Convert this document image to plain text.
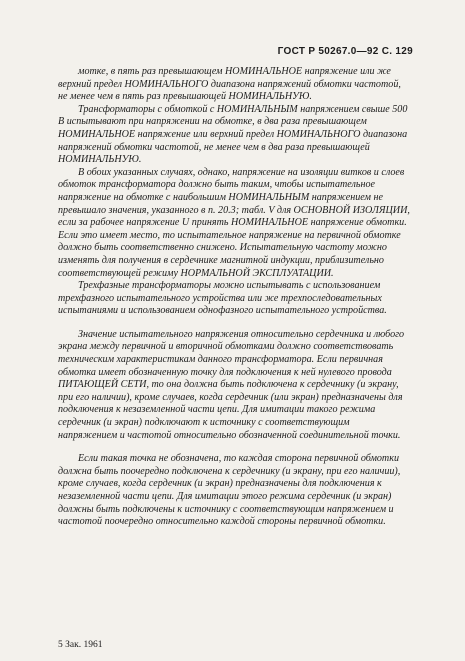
ГОСТ Р 50267.0—92 С. 129

мотке, в пять раз превышающем НОМИНАЛЬНОЕ напряжение или же верхний предел НОМИНАЛЬНОГО диапазона напряжений обмотки частотой, не менее чем в пять раз превышающей НОМИНАЛЬНУЮ.

Трансформаторы с обмоткой с НОМИНАЛЬНЫМ напряжением свыше 500 В испытывают при напряжении на обмотке, в два раза превышающем НОМИНАЛЬНОЕ напряжение или верхний предел НОМИНАЛЬНОГО диапазона напряжений обмотки частотой, не менее чем в два раза превышающей НОМИНАЛЬНУЮ.

В обоих указанных случаях, однако, напряжение на изоляции витков и слоев обмоток трансформатора должно быть таким, чтобы испытательное напряжение на обмотке с наибольшим НОМИНАЛЬНЫМ напряжением не превышало значения, указанного в п. 20.3; табл. V для ОСНОВНОЙ ИЗОЛЯЦИИ, если за рабочее напряжение U принять НОМИНАЛЬНОЕ напряжение обмотки. Если это имеет место, то испытательное напряжение на первичной обмотке должно быть соответственно снижено. Испытательную частоту можно изменять для получения в сердечнике магнитной индукции, приблизительно соответствующей режиму НОРМАЛЬНОЙ ЭКСПЛУАТАЦИИ.

Трехфазные трансформаторы можно испытывать с использованием трехфазного испытательного устройства или же трехпоследовательных испытаниями и использованием однофазного испытательного устройства.

Значение испытательного напряжения относительно сердечника и любого экрана между первичной и вторичной обмотками должно соответствовать техническим характеристикам данного трансформатора. Если первичная обмотка имеет обозначенную точку для подключения к ней нулевого провода ПИТАЮЩЕЙ СЕТИ, то она должна быть подключена к сердечнику (и экрану, при его наличии), кроме случаев, когда сердечник (или экран) предназначены для подключения к незаземленной части цепи. Для имитации такого режима сердечник (и экран) подключают к источнику с соответствующим напряжением и частотой относительно обозначенной соединительной точки.

Если такая точка не обозначена, то каждая сторона первичной обмотки должна быть поочередно подключена к сердечнику (и экрану, при его наличии), кроме случаев, когда сердечник (и экран) предназначены для подключения к незаземленной части цепи. Для имитации этого режима сердечник (и экран) должны быть подключены к источнику с соответствующим напряжением и частотой поочередно относительно каждой стороны первичной обмотки.

5 Зак. 1961
